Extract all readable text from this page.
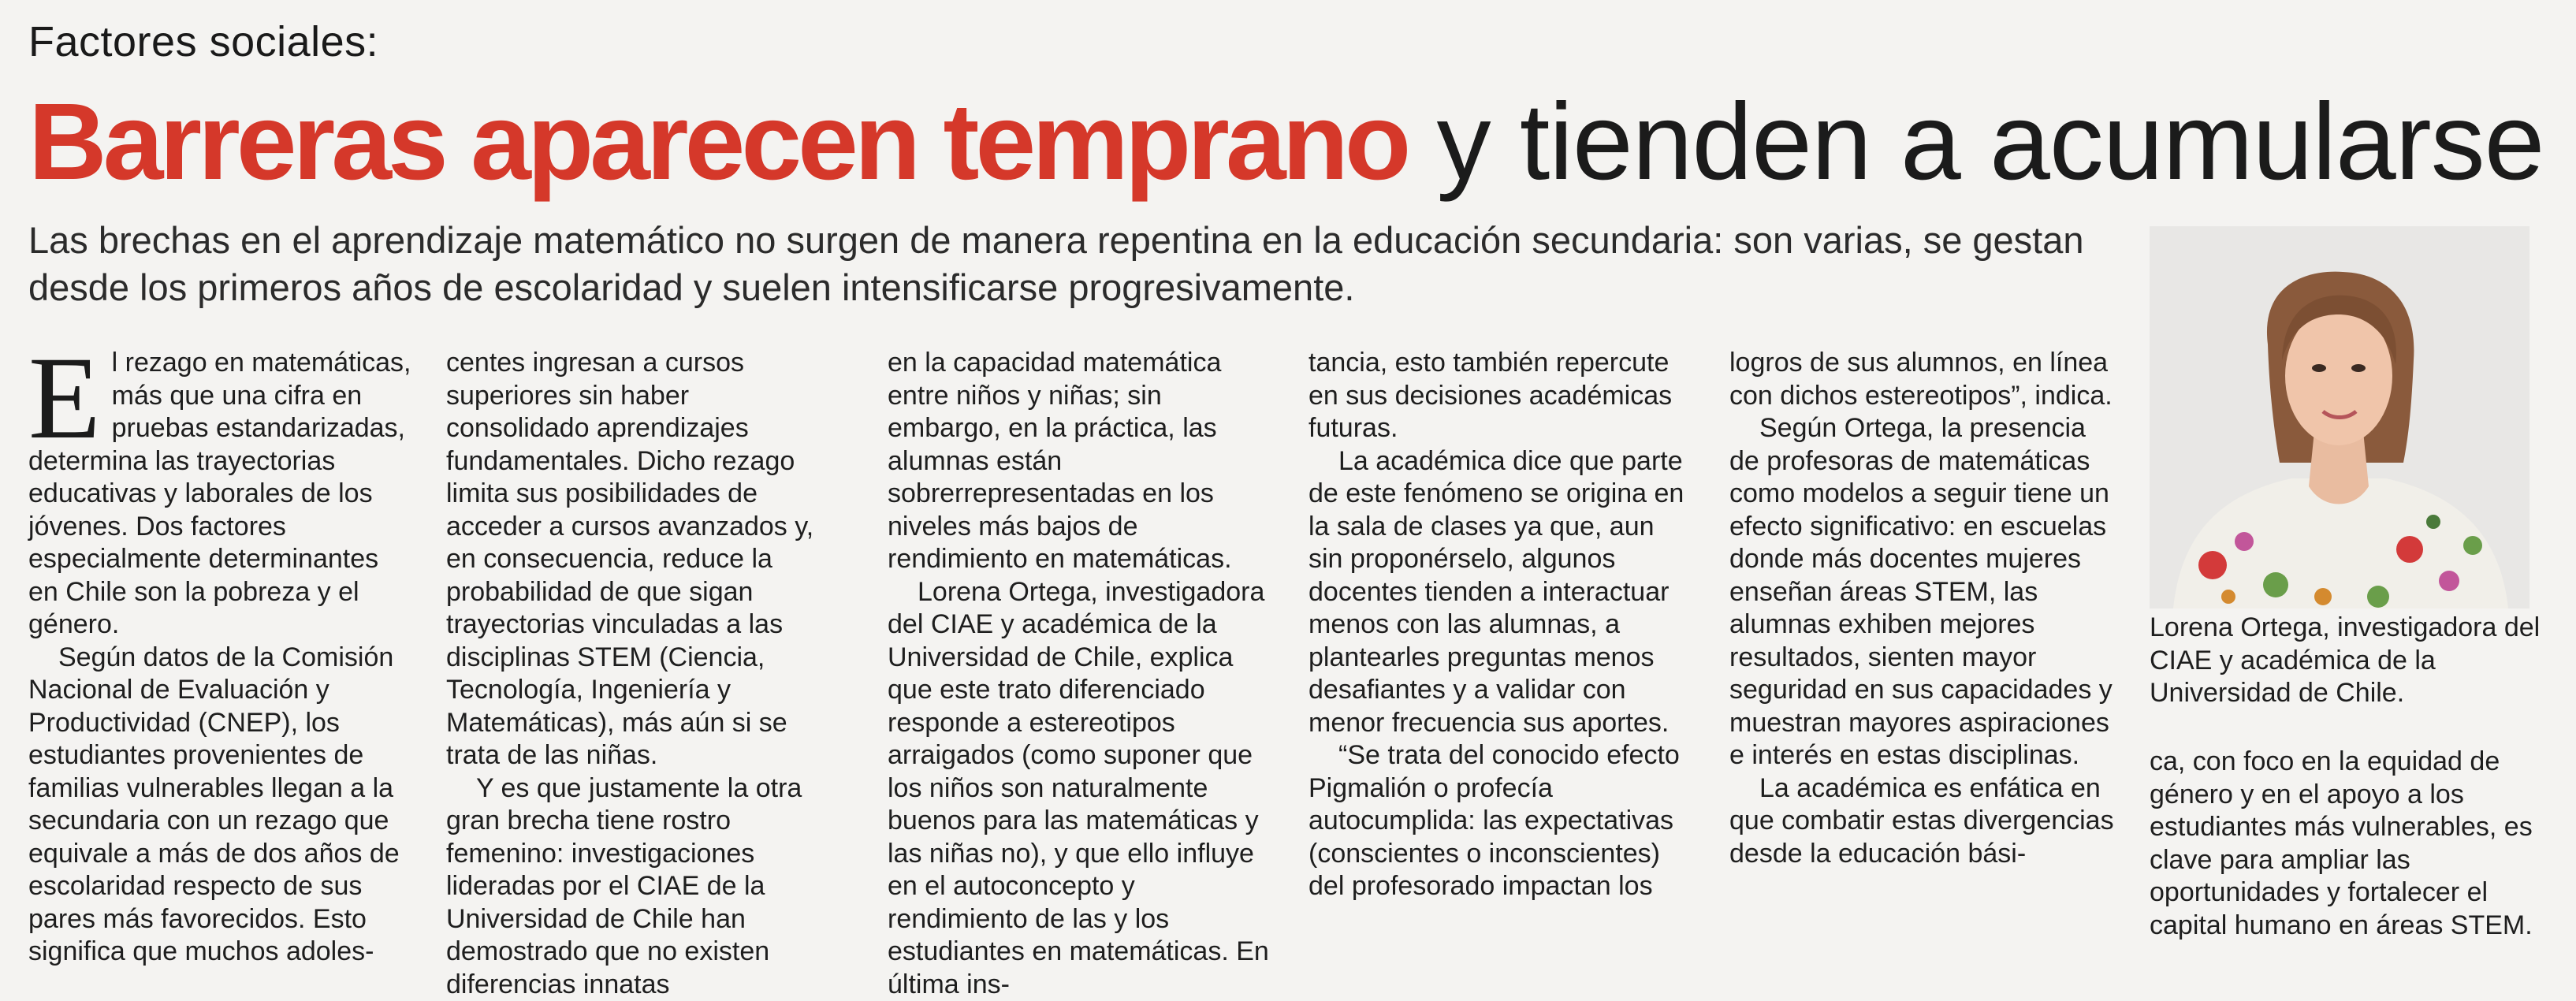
Factores sociales:
Barreras aparecen temprano y tienden a acumularse
Las brechas en el aprendizaje matemático no surgen de manera repentina en la educación secundaria: son varias, se gestan desde los primeros años de escolaridad y suelen intensificarse progresivamente.

El rezago en matemáticas, más que una cifra en pruebas estandarizadas, determina las trayectorias educativas y laborales de los jóvenes. Dos factores especialmente determinantes en Chile son la pobreza y el género.

Según datos de la Comisión Nacional de Evaluación y Productividad (CNEP), los estudiantes provenientes de familias vulnerables llegan a la secundaria con un rezago que equivale a más de dos años de escolaridad respecto de sus pares más favorecidos. Esto significa que muchos adoles-

centes ingresan a cursos superiores sin haber consolidado aprendizajes fundamentales. Dicho rezago limita sus posibilidades de acceder a cursos avanzados y, en consecuencia, reduce la probabilidad de que sigan trayectorias vinculadas a las disciplinas STEM (Ciencia, Tecnología, Ingeniería y Matemáticas), más aún si se trata de las niñas.

Y es que justamente la otra gran brecha tiene rostro femenino: investigaciones lideradas por el CIAE de la Universidad de Chile han demostrado que no existen diferencias innatas

en la capacidad matemática entre niños y niñas; sin embargo, en la práctica, las alumnas están sobrerrepresentadas en los niveles más bajos de rendimiento en matemáticas.

Lorena Ortega, investigadora del CIAE y académica de la Universidad de Chile, explica que este trato diferenciado responde a estereotipos arraigados (como suponer que los niños son naturalmente buenos para las matemáticas y las niñas no), y que ello influye en el autoconcepto y rendimiento de las y los estudiantes en matemáticas. En última ins-

tancia, esto también repercute en sus decisiones académicas futuras.

La académica dice que parte de este fenómeno se origina en la sala de clases ya que, aun sin proponérselo, algunos docentes tienden a interactuar menos con las alumnas, a plantearles preguntas menos desafiantes y a validar con menor frecuencia sus aportes.

“Se trata del conocido efecto Pigmalión o profecía autocumplida: las expectativas (conscientes o inconscientes) del profesorado impactan los

logros de sus alumnos, en línea con dichos estereotipos”, indica.

Según Ortega, la presencia de profesoras de matemáticas como modelos a seguir tiene un efecto significativo: en escuelas donde más docentes mujeres enseñan áreas STEM, las alumnas exhiben mejores resultados, sienten mayor seguridad en sus capacidades y muestran mayores aspiraciones e interés en estas disciplinas.

La académica es enfática en que combatir estas divergencias desde la educación bási-

Lorena Ortega, investigadora del CIAE y académica de la Universidad de Chile.

ca, con foco en la equidad de género y en el apoyo a los estudiantes más vulnerables, es clave para ampliar las oportunidades y fortalecer el capital humano en áreas STEM.
